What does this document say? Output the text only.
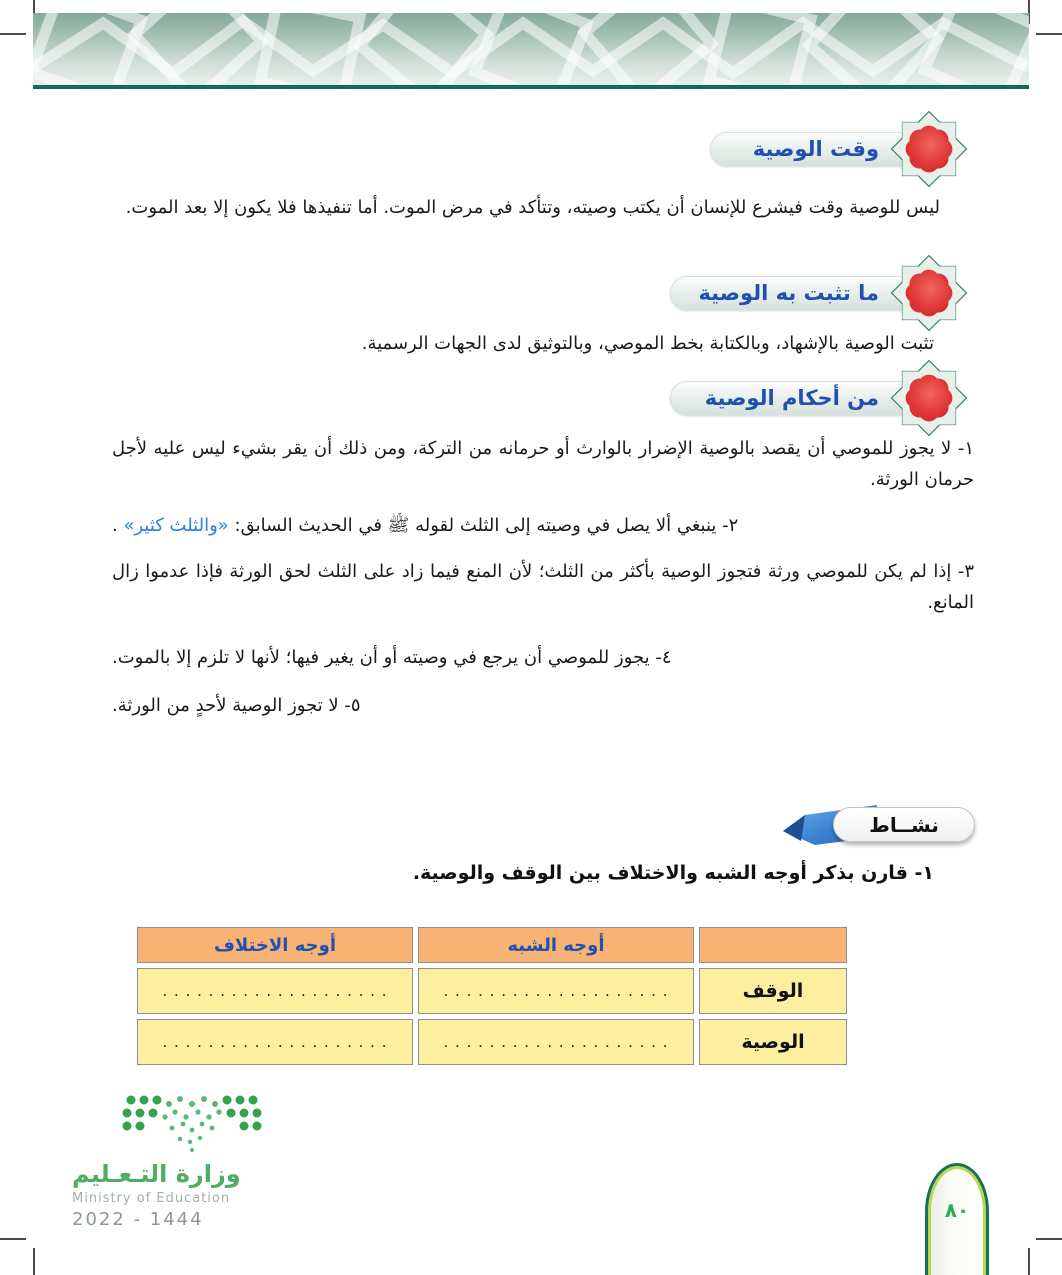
وقت الوصية

ليس للوصية وقت فيشرع للإنسان أن يكتب وصيته، وتتأكد في مرض الموت. أما تنفيذها فلا يكون إلا بعد الموت.

ما تثبت به الوصية

تثبت الوصية بالإشهاد، وبالكتابة بخط الموصي، وبالتوثيق لدى الجهات الرسمية.

من أحكام الوصية

١- لا يجوز للموصي أن يقصد بالوصية الإضرار بالوارث أو حرمانه من التركة، ومن ذلك أن يقر بشيء ليس عليه لأجل حرمان الورثة.

٢- ينبغي ألا يصل في وصيته إلى الثلث لقوله ﷺ في الحديث السابق: «والثلث كثير» .

٣- إذا لم يكن للموصي ورثة فتجوز الوصية بأكثر من الثلث؛ لأن المنع فيما زاد على الثلث لحق الورثة فإذا عدموا زال المانع.

٤- يجوز للموصي أن يرجع في وصيته أو أن يغير فيها؛ لأنها لا تلزم إلا بالموت.

٥- لا تجوز الوصية لأحدٍ من الورثة.

نشــاط

١- قارن بذكر أوجه الشبه والاختلاف بين الوقف والوصية.

	أوجه الشبه	أوجه الاختلاف
الوقف	. . . . . . . . . . . . . . . . . . . .	. . . . . . . . . . . . . . . . . . . .
الوصية	. . . . . . . . . . . . . . . . . . . .	. . . . . . . . . . . . . . . . . . . .
وزارة التـعـليم
Ministry of Education
2022 - 1444	٨٠
